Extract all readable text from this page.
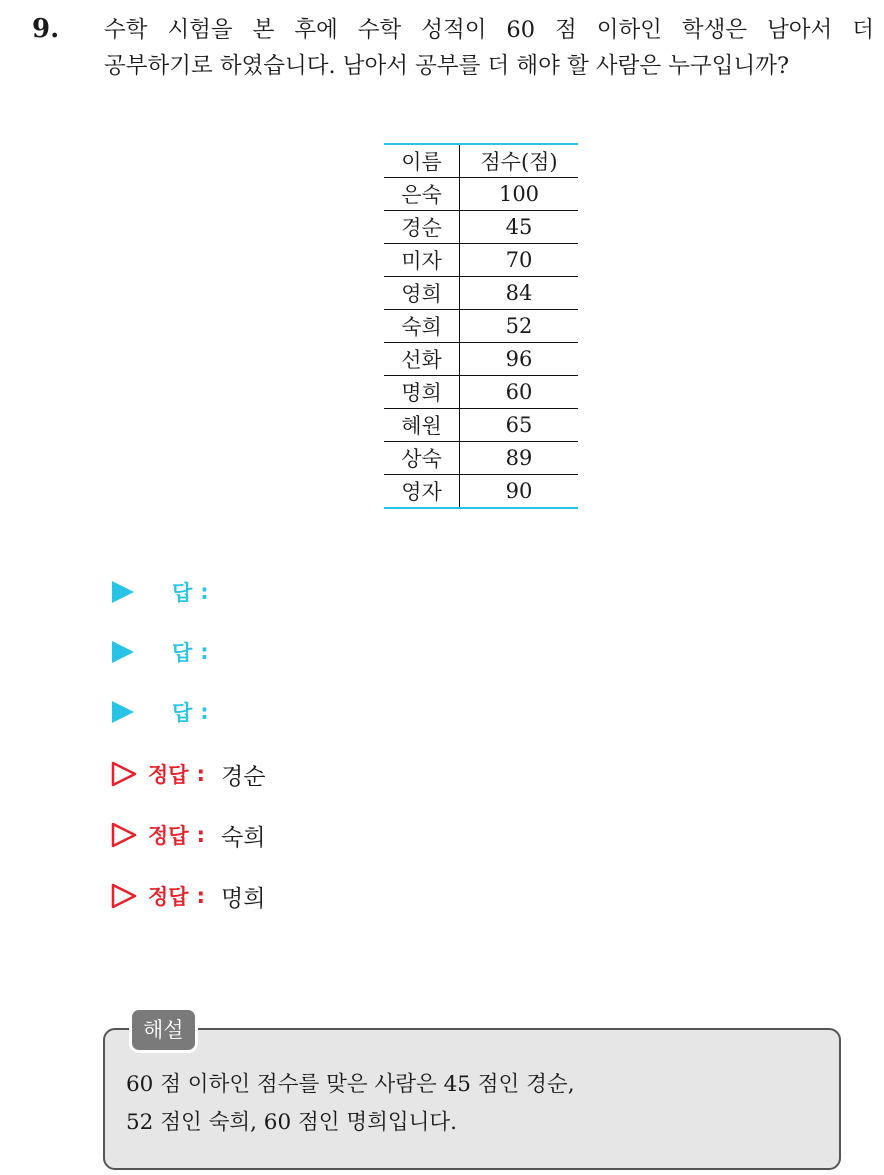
9. 수학 시험을 본 후에 수학 성적이 60 점 이하인 학생은 남아서 더
공부하기로 하였습니다. 남아서 공부를 더 해야 할 사람은 누구입니까?
이름	점수(점)
은숙	100
경순	45
미자	70
영희	84
숙희	52
선화	96
명희	60
혜원	65
상숙	89
영자	90
답 :
답 :
답 :
정답 : 경순
정답 : 숙희
정답 : 명희
해설
60 점 이하인 점수를 맞은 사람은 45 점인 경순,
52 점인 숙희, 60 점인 명희입니다.
